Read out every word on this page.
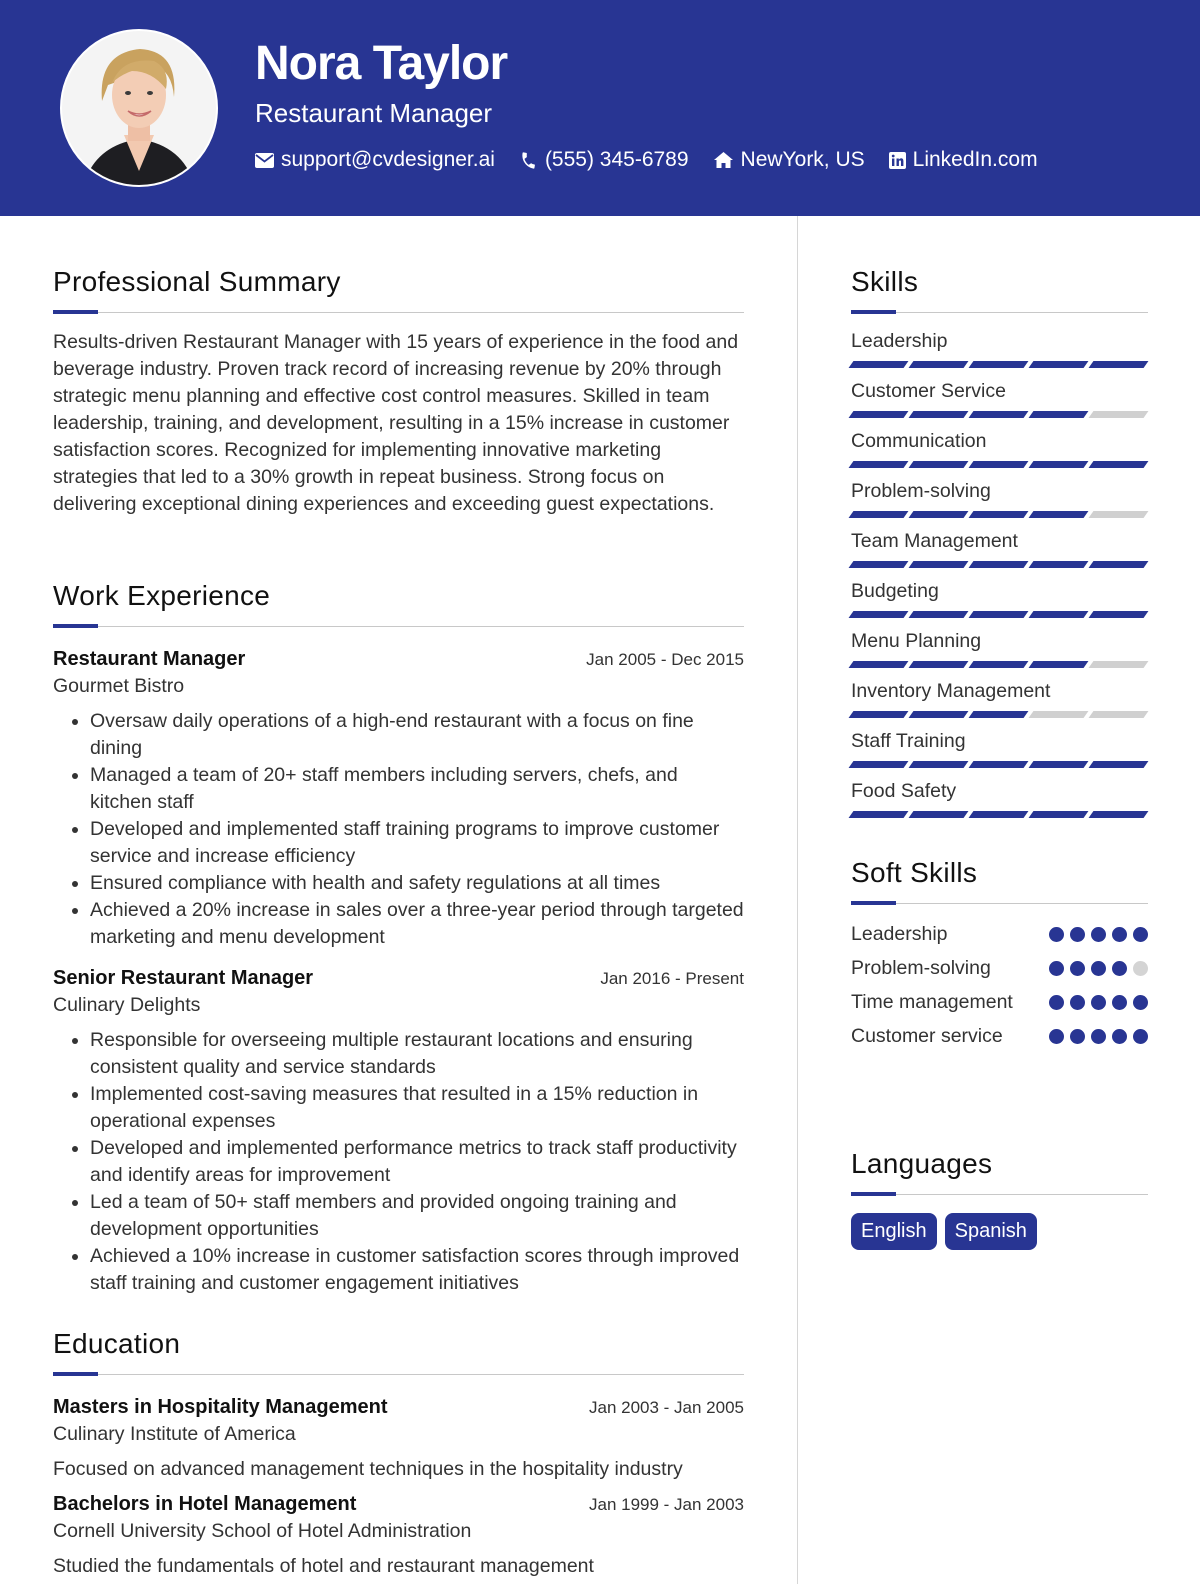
Nora Taylor
Restaurant Manager
support@cvdesigner.ai (555) 345-6789 NewYork, US LinkedIn.com
Professional Summary
Results-driven Restaurant Manager with 15 years of experience in the food and beverage industry. Proven track record of increasing revenue by 20% through strategic menu planning and effective cost control measures. Skilled in team leadership, training, and development, resulting in a 15% increase in customer satisfaction scores. Recognized for implementing innovative marketing strategies that led to a 30% growth in repeat business. Strong focus on delivering exceptional dining experiences and exceeding guest expectations.
Work Experience
Restaurant Manager	Jan 2005 - Dec 2015
Gourmet Bistro
• Oversaw daily operations of a high-end restaurant with a focus on fine dining
• Managed a team of 20+ staff members including servers, chefs, and kitchen staff
• Developed and implemented staff training programs to improve customer service and increase efficiency
• Ensured compliance with health and safety regulations at all times
• Achieved a 20% increase in sales over a three-year period through targeted marketing and menu development
Senior Restaurant Manager	Jan 2016 - Present
Culinary Delights
• Responsible for overseeing multiple restaurant locations and ensuring consistent quality and service standards
• Implemented cost-saving measures that resulted in a 15% reduction in operational expenses
• Developed and implemented performance metrics to track staff productivity and identify areas for improvement
• Led a team of 50+ staff members and provided ongoing training and development opportunities
• Achieved a 10% increase in customer satisfaction scores through improved staff training and customer engagement initiatives
Education
Masters in Hospitality Management	Jan 2003 - Jan 2005
Culinary Institute of America
Focused on advanced management techniques in the hospitality industry
Bachelors in Hotel Management	Jan 1999 - Jan 2003
Cornell University School of Hotel Administration
Studied the fundamentals of hotel and restaurant management
Skills
Leadership
Customer Service
Communication
Problem-solving
Team Management
Budgeting
Menu Planning
Inventory Management
Staff Training
Food Safety
Soft Skills
Leadership
Problem-solving
Time management
Customer service
Languages
English	Spanish
